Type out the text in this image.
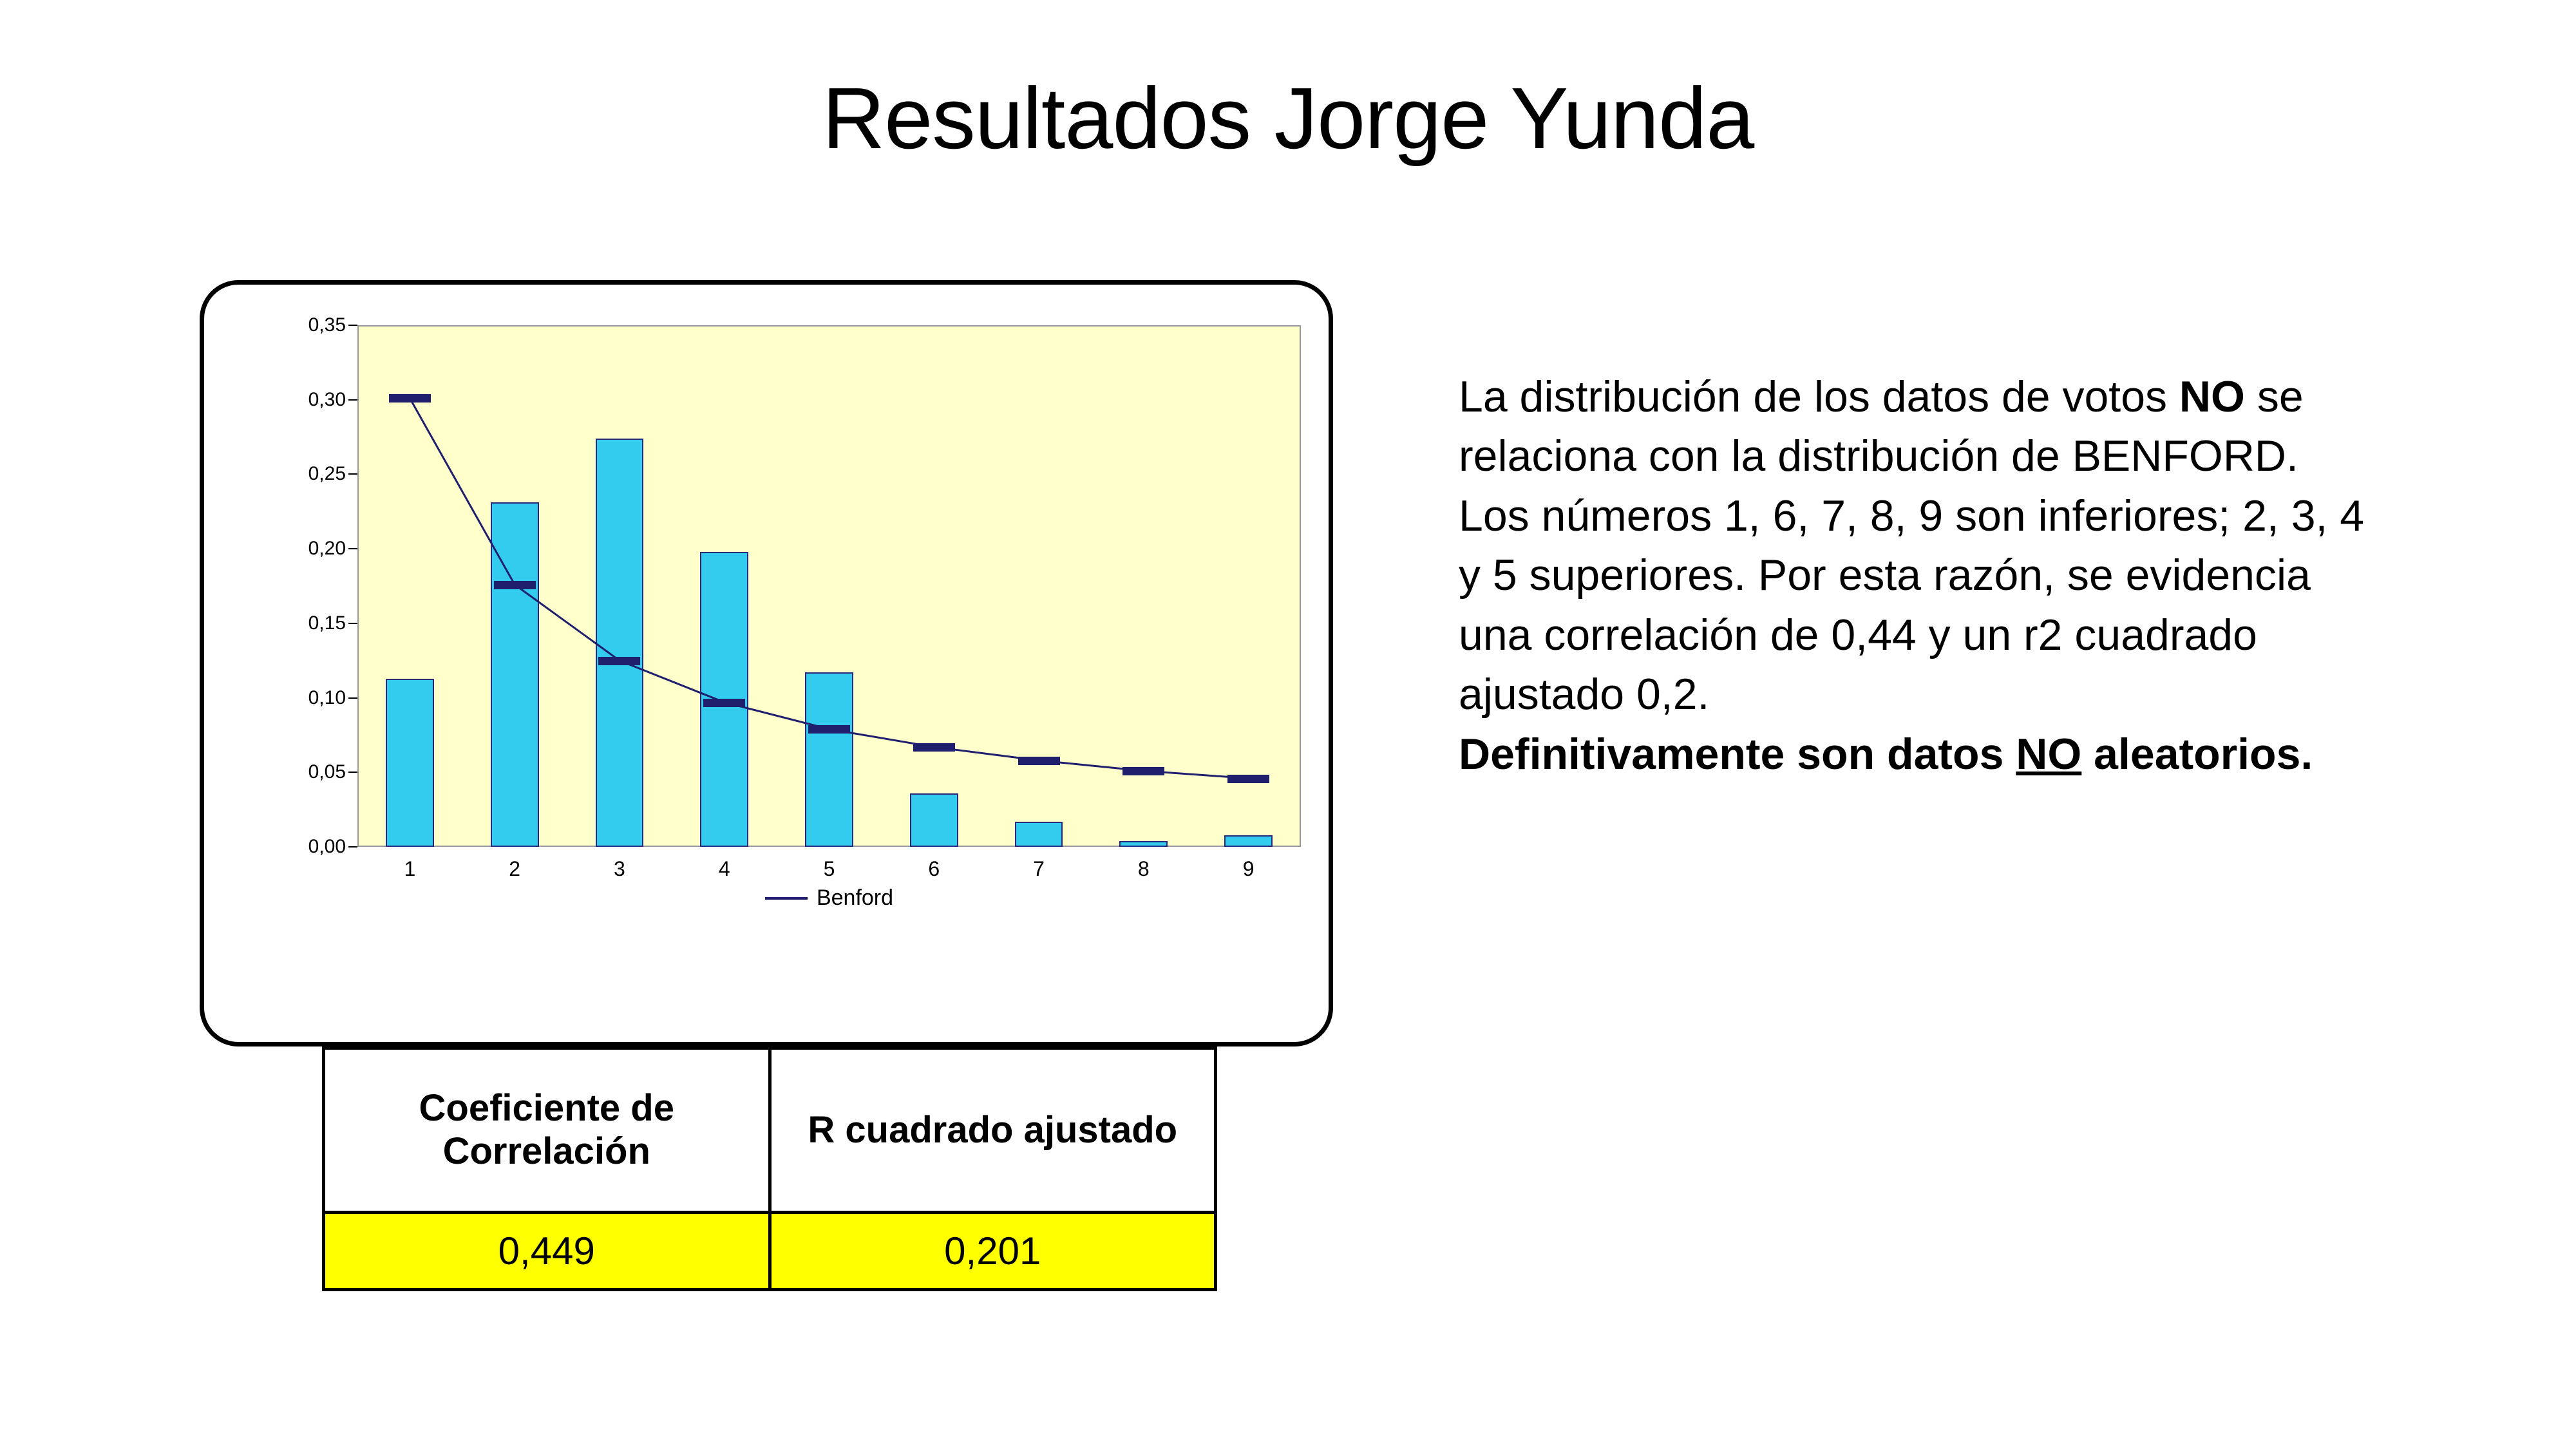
Resultados Jorge Yunda
0,00
0,05
0,10
0,15
0,20
0,25
0,30
0,35
1	2	3	4	5	6	7	8	9
Benford
Coeficiente de Correlación	R cuadrado ajustado
0,449	0,201

La distribución de los datos de votos NO se relaciona con la distribución de BENFORD.

Los números 1, 6, 7, 8, 9 son inferiores; 2, 3, 4 y 5 superiores. Por esta razón, se evidencia una correlación de 0,44 y un r2 cuadrado ajustado 0,2.

Definitivamente son datos NO aleatorios.
